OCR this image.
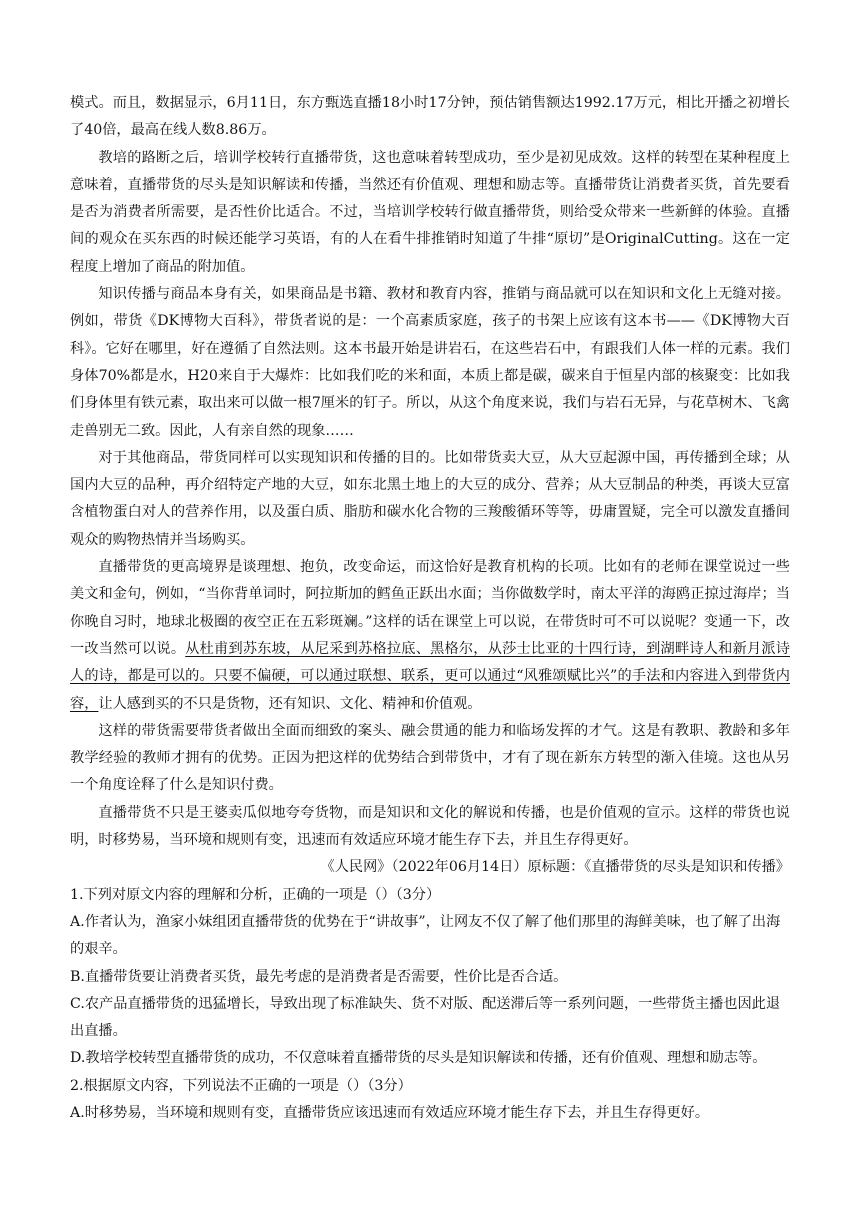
模式。而且，数据显示，6月11日，东方甄选直播18小时17分钟，预估销售额达1992.17万元，相比开播之初增长了40倍，最高在线人数8.86万。

教培的路断之后，培训学校转行直播带货，这也意味着转型成功，至少是初见成效。这样的转型在某种程度上意味着，直播带货的尽头是知识解读和传播，当然还有价值观、理想和励志等。直播带货让消费者买货，首先要看是否为消费者所需要，是否性价比适合。不过，当培训学校转行做直播带货，则给受众带来一些新鲜的体验。直播间的观众在买东西的时候还能学习英语，有的人在看牛排推销时知道了牛排“原切”是OriginalCutting。这在一定程度上增加了商品的附加值。

知识传播与商品本身有关，如果商品是书籍、教材和教育内容，推销与商品就可以在知识和文化上无缝对接。例如，带货《DK博物大百科》，带货者说的是：一个高素质家庭，孩子的书架上应该有这本书——《DK博物大百科》。它好在哪里，好在遵循了自然法则。这本书最开始是讲岩石，在这些岩石中，有跟我们人体一样的元素。我们身体70%都是水，H20来自于大爆炸：比如我们吃的米和面，本质上都是碳，碳来自于恒星内部的核聚变：比如我们身体里有铁元素，取出来可以做一根7厘米的钉子。所以，从这个角度来说，我们与岩石无异，与花草树木、飞禽走兽别无二致。因此，人有亲自然的现象……

对于其他商品，带货同样可以实现知识和传播的目的。比如带货卖大豆，从大豆起源中国，再传播到全球；从国内大豆的品种，再介绍特定产地的大豆，如东北黑土地上的大豆的成分、营养；从大豆制品的种类，再谈大豆富含植物蛋白对人的营养作用，以及蛋白质、脂肪和碳水化合物的三羧酸循环等等，毋庸置疑，完全可以激发直播间观众的购物热情并当场购买。

直播带货的更高境界是谈理想、抱负，改变命运，而这恰好是教育机构的长项。比如有的老师在课堂说过一些美文和金句，例如，“当你背单词时，阿拉斯加的鳕鱼正跃出水面；当你做数学时，南太平洋的海鸥正掠过海岸；当你晚自习时，地球北极圈的夜空正在五彩斑斓。”这样的话在课堂上可以说，在带货时可不可以说呢？变通一下，改一改当然可以说。从杜甫到苏东坡，从尼采到苏格拉底、黑格尔，从莎士比亚的十四行诗，到湖畔诗人和新月派诗人的诗，都是可以的。只要不偏硬，可以通过联想、联系，更可以通过“风雅颂赋比兴”的手法和内容进入到带货内容，让人感到买的不只是货物，还有知识、文化、精神和价值观。

这样的带货需要带货者做出全面而细致的案头、融会贯通的能力和临场发挥的才气。这是有教职、教龄和多年教学经验的教师才拥有的优势。正因为把这样的优势结合到带货中，才有了现在新东方转型的渐入佳境。这也从另一个角度诠释了什么是知识付费。

直播带货不只是王婆卖瓜似地夸夸货物，而是知识和文化的解说和传播，也是价值观的宣示。这样的带货也说明，时移势易，当环境和规则有变，迅速而有效适应环境才能生存下去，并且生存得更好。

《人民网》（2022年06月14日）原标题：《直播带货的尽头是知识和传播》

1.下列对原文内容的理解和分析，正确的一项是（）（3分）

A.作者认为，渔家小妹组团直播带货的优势在于“讲故事”，让网友不仅了解了他们那里的海鲜美味，也了解了出海的艰辛。

B.直播带货要让消费者买货，最先考虑的是消费者是否需要，性价比是否合适。

C.农产品直播带货的迅猛增长，导致出现了标准缺失、货不对版、配送滞后等一系列问题，一些带货主播也因此退出直播。

D.教培学校转型直播带货的成功，不仅意味着直播带货的尽头是知识解读和传播，还有价值观、理想和励志等。

2.根据原文内容，下列说法不正确的一项是（）（3分）

A.时移势易，当环境和规则有变，直播带货应该迅速而有效适应环境才能生存下去，并且生存得更好。
